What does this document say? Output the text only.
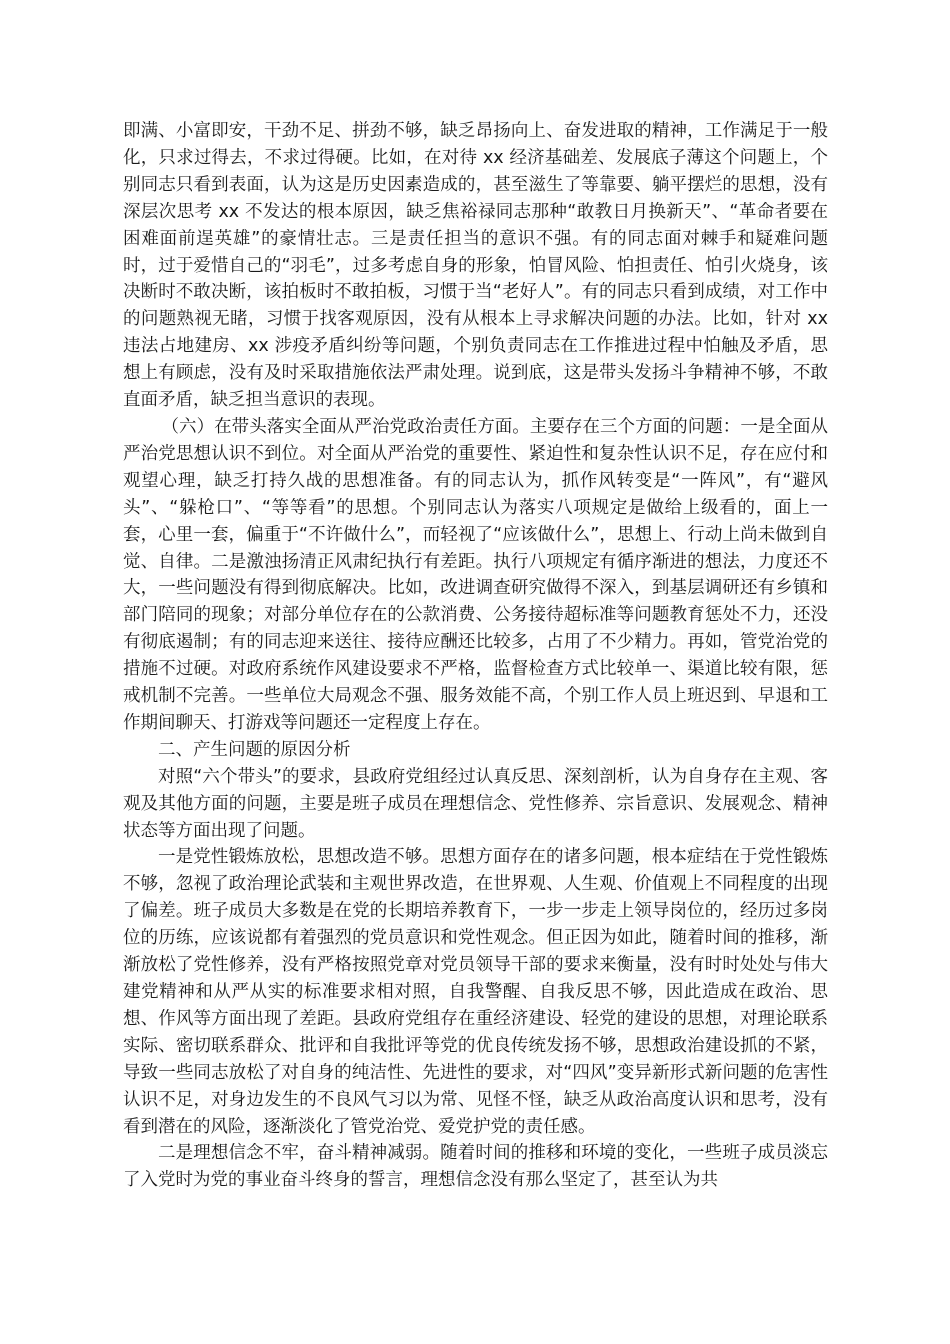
即满、小富即安，干劲不足、拼劲不够，缺乏昂扬向上、奋发进取的精神，工作满足于一般化，只求过得去，不求过得硬。比如，在对待 xx 经济基础差、发展底子薄这个问题上，个别同志只看到表面，认为这是历史因素造成的，甚至滋生了等靠要、躺平摆烂的思想，没有深层次思考 xx 不发达的根本原因，缺乏焦裕禄同志那种“敢教日月换新天”、“革命者要在困难面前逞英雄”的豪情壮志。三是责任担当的意识不强。有的同志面对棘手和疑难问题时，过于爱惜自己的“羽毛”，过多考虑自身的形象，怕冒风险、怕担责任、怕引火烧身，该决断时不敢决断，该拍板时不敢拍板，习惯于当“老好人”。有的同志只看到成绩，对工作中的问题熟视无睹，习惯于找客观原因，没有从根本上寻求解决问题的办法。比如，针对 xx 违法占地建房、xx 涉疫矛盾纠纷等问题，个别负责同志在工作推进过程中怕触及矛盾，思想上有顾虑，没有及时采取措施依法严肃处理。说到底，这是带头发扬斗争精神不够，不敢直面矛盾，缺乏担当意识的表现。

（六）在带头落实全面从严治党政治责任方面。主要存在三个方面的问题：一是全面从严治党思想认识不到位。对全面从严治党的重要性、紧迫性和复杂性认识不足，存在应付和观望心理，缺乏打持久战的思想准备。有的同志认为，抓作风转变是“一阵风”，有“避风头”、“躲枪口”、“等等看”的思想。个别同志认为落实八项规定是做给上级看的，面上一套，心里一套，偏重于“不许做什么”，而轻视了“应该做什么”，思想上、行动上尚未做到自觉、自律。二是激浊扬清正风肃纪执行有差距。执行八项规定有循序渐进的想法，力度还不大，一些问题没有得到彻底解决。比如，改进调查研究做得不深入，到基层调研还有乡镇和部门陪同的现象；对部分单位存在的公款消费、公务接待超标准等问题教育惩处不力，还没有彻底遏制；有的同志迎来送往、接待应酬还比较多，占用了不少精力。再如，管党治党的措施不过硬。对政府系统作风建设要求不严格，监督检查方式比较单一、渠道比较有限，惩戒机制不完善。一些单位大局观念不强、服务效能不高，个别工作人员上班迟到、早退和工作期间聊天、打游戏等问题还一定程度上存在。

二、产生问题的原因分析

对照“六个带头”的要求，县政府党组经过认真反思、深刻剖析，认为自身存在主观、客观及其他方面的问题，主要是班子成员在理想信念、党性修养、宗旨意识、发展观念、精神状态等方面出现了问题。

一是党性锻炼放松，思想改造不够。思想方面存在的诸多问题，根本症结在于党性锻炼不够，忽视了政治理论武装和主观世界改造，在世界观、人生观、价值观上不同程度的出现了偏差。班子成员大多数是在党的长期培养教育下，一步一步走上领导岗位的，经历过多岗位的历练，应该说都有着强烈的党员意识和党性观念。但正因为如此，随着时间的推移，渐渐放松了党性修养，没有严格按照党章对党员领导干部的要求来衡量，没有时时处处与伟大建党精神和从严从实的标准要求相对照，自我警醒、自我反思不够，因此造成在政治、思想、作风等方面出现了差距。县政府党组存在重经济建设、轻党的建设的思想，对理论联系实际、密切联系群众、批评和自我批评等党的优良传统发扬不够，思想政治建设抓的不紧，导致一些同志放松了对自身的纯洁性、先进性的要求，对“四风”变异新形式新问题的危害性认识不足，对身边发生的不良风气习以为常、见怪不怪，缺乏从政治高度认识和思考，没有看到潜在的风险，逐渐淡化了管党治党、爱党护党的责任感。

二是理想信念不牢，奋斗精神减弱。随着时间的推移和环境的变化，一些班子成员淡忘了入党时为党的事业奋斗终身的誓言，理想信念没有那么坚定了，甚至认为共
